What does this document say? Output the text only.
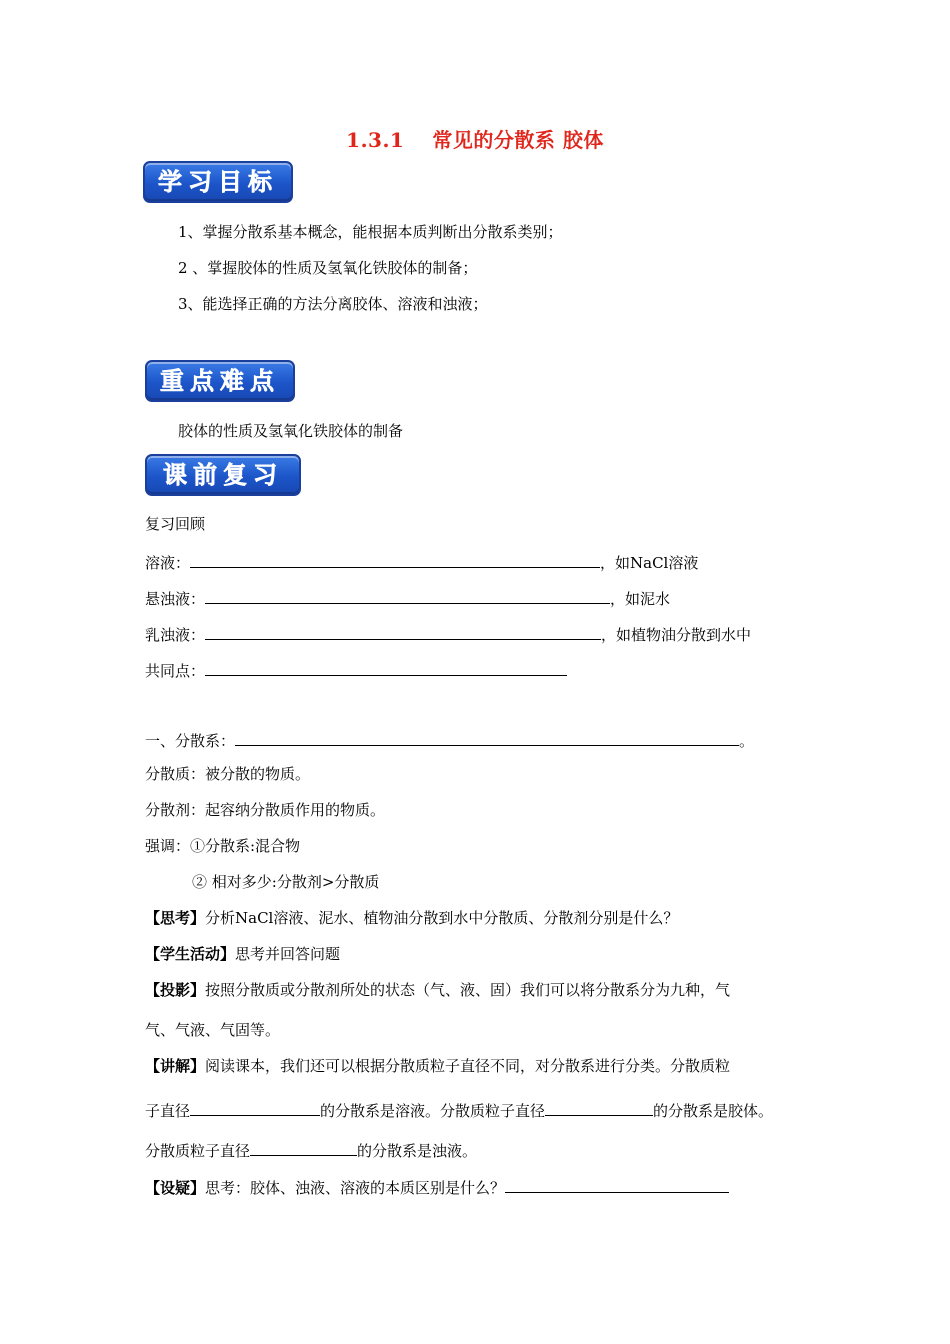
1.3.1 常见的分散系 胶体
学习目标
1、掌握分散系基本概念，能根据本质判断出分散系类别；
2 、掌握胶体的性质及氢氧化铁胶体的制备；
3、能选择正确的方法分离胶体、溶液和浊液；
重点难点
胶体的性质及氢氧化铁胶体的制备
课前复习
复习回顾
溶液：	，如NaCl溶液
悬浊液：	，如泥水
乳浊液：	，如植物油分散到水中
共同点：
一、分散系：	。
分散质：被分散的物质。
分散剂：起容纳分散质作用的物质。
强调：①分散系:混合物
② 相对多少:分散剂>分散质
【思考】分析NaCl溶液、泥水、植物油分散到水中分散质、分散剂分别是什么？
【学生活动】思考并回答问题
【投影】按照分散质或分散剂所处的状态（气、液、固）我们可以将分散系分为九种，气
气、气液、气固等。
【讲解】阅读课本，我们还可以根据分散质粒子直径不同，对分散系进行分类。分散质粒
子直径	的分散系是溶液。分散质粒子直径	的分散系是胶体。
分散质粒子直径	的分散系是浊液。
【设疑】思考：胶体、浊液、溶液的本质区别是什么？
